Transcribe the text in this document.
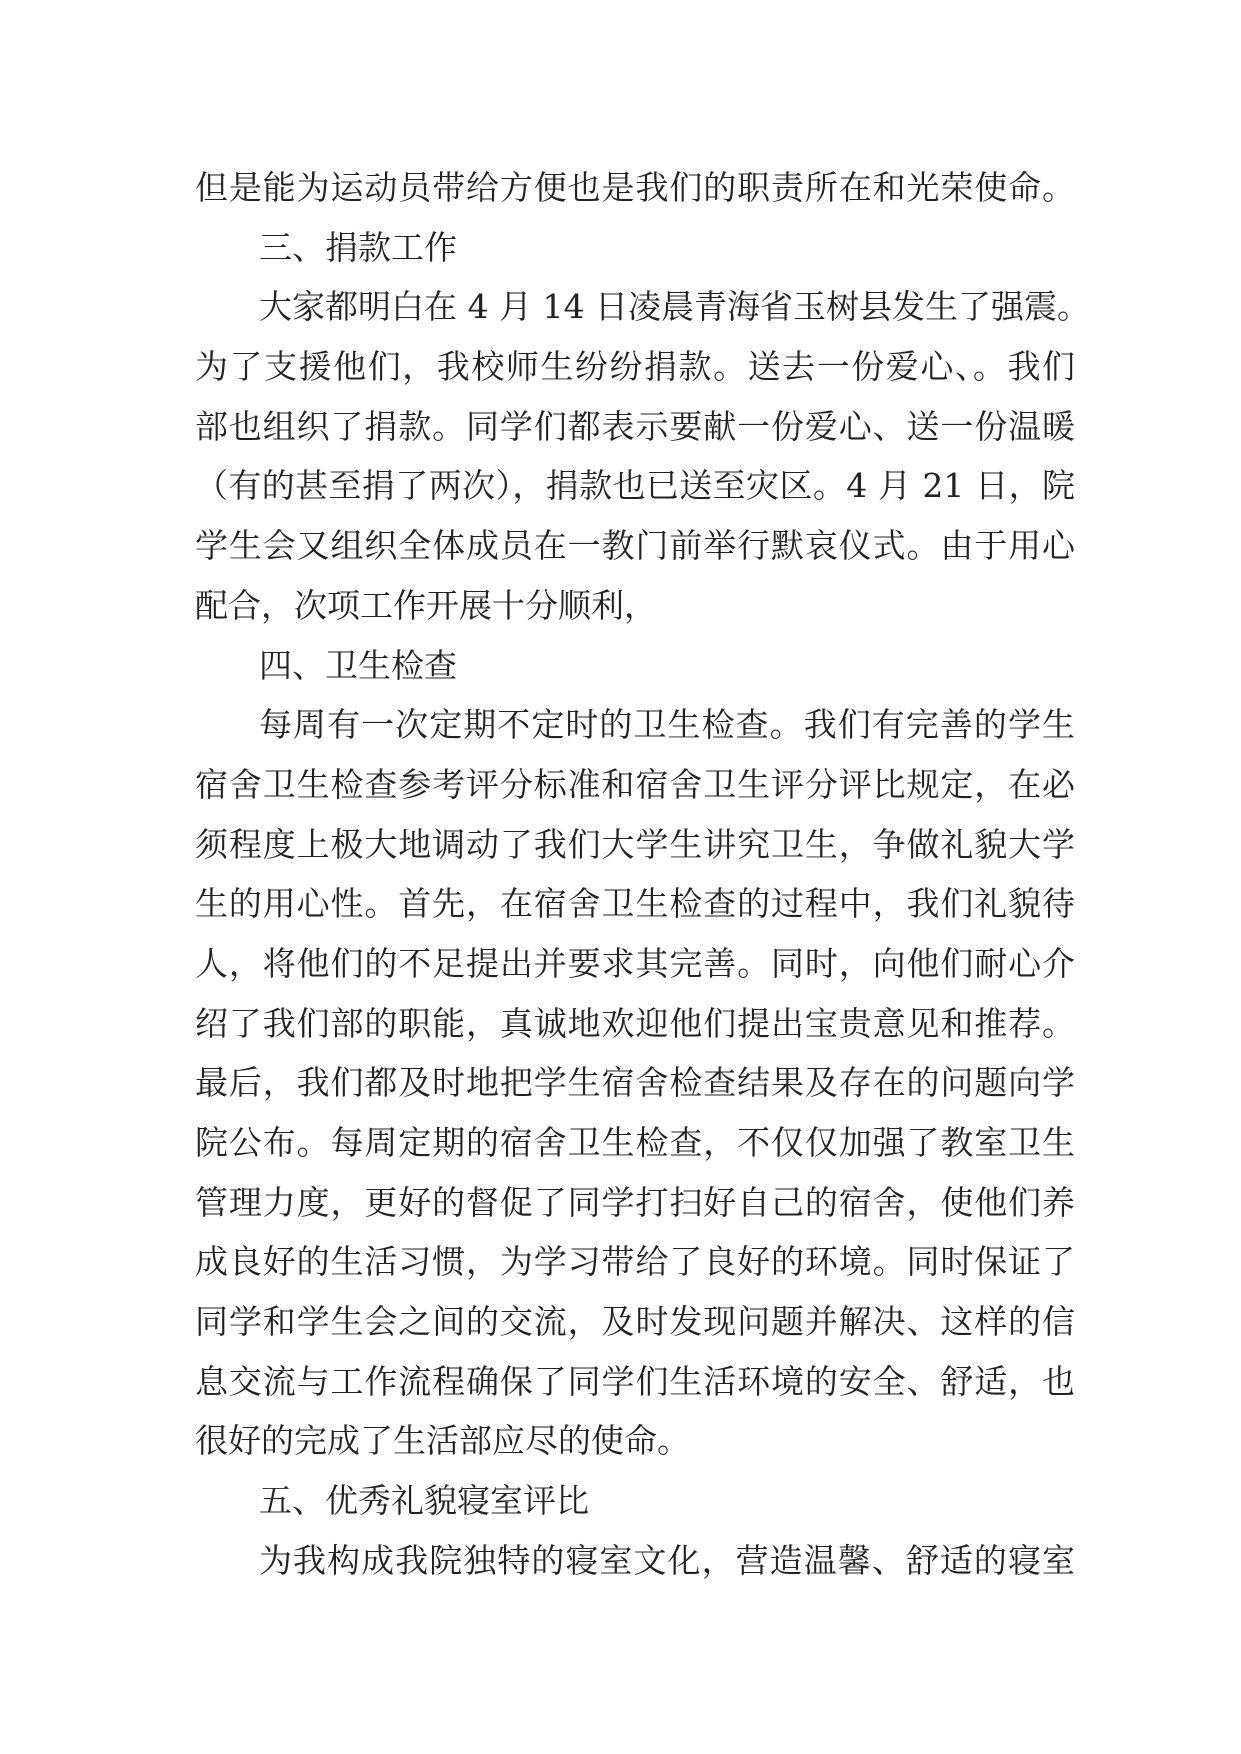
但是能为运动员带给方便也是我们的职责所在和光荣使命。
三、捐款工作
大家都明白在 4 月 14 日凌晨青海省玉树县发生了强震。
为了支援他们，我校师生纷纷捐款。送去一份爱心、。我们
部也组织了捐款。同学们都表示要献一份爱心、送一份温暖
（有的甚至捐了两次），捐款也已送至灾区。4 月 21 日，院
学生会又组织全体成员在一教门前举行默哀仪式。由于用心
配合，次项工作开展十分顺利，
四、卫生检查
每周有一次定期不定时的卫生检查。我们有完善的学生
宿舍卫生检查参考评分标准和宿舍卫生评分评比规定，在必
须程度上极大地调动了我们大学生讲究卫生，争做礼貌大学
生的用心性。首先，在宿舍卫生检查的过程中，我们礼貌待
人，将他们的不足提出并要求其完善。同时，向他们耐心介
绍了我们部的职能，真诚地欢迎他们提出宝贵意见和推荐。
最后，我们都及时地把学生宿舍检查结果及存在的问题向学
院公布。每周定期的宿舍卫生检查，不仅仅加强了教室卫生
管理力度，更好的督促了同学打扫好自己的宿舍，使他们养
成良好的生活习惯，为学习带给了良好的环境。同时保证了
同学和学生会之间的交流，及时发现问题并解决、这样的信
息交流与工作流程确保了同学们生活环境的安全、舒适，也
很好的完成了生活部应尽的使命。
五、优秀礼貌寝室评比
为我构成我院独特的寝室文化，营造温馨、舒适的寝室
